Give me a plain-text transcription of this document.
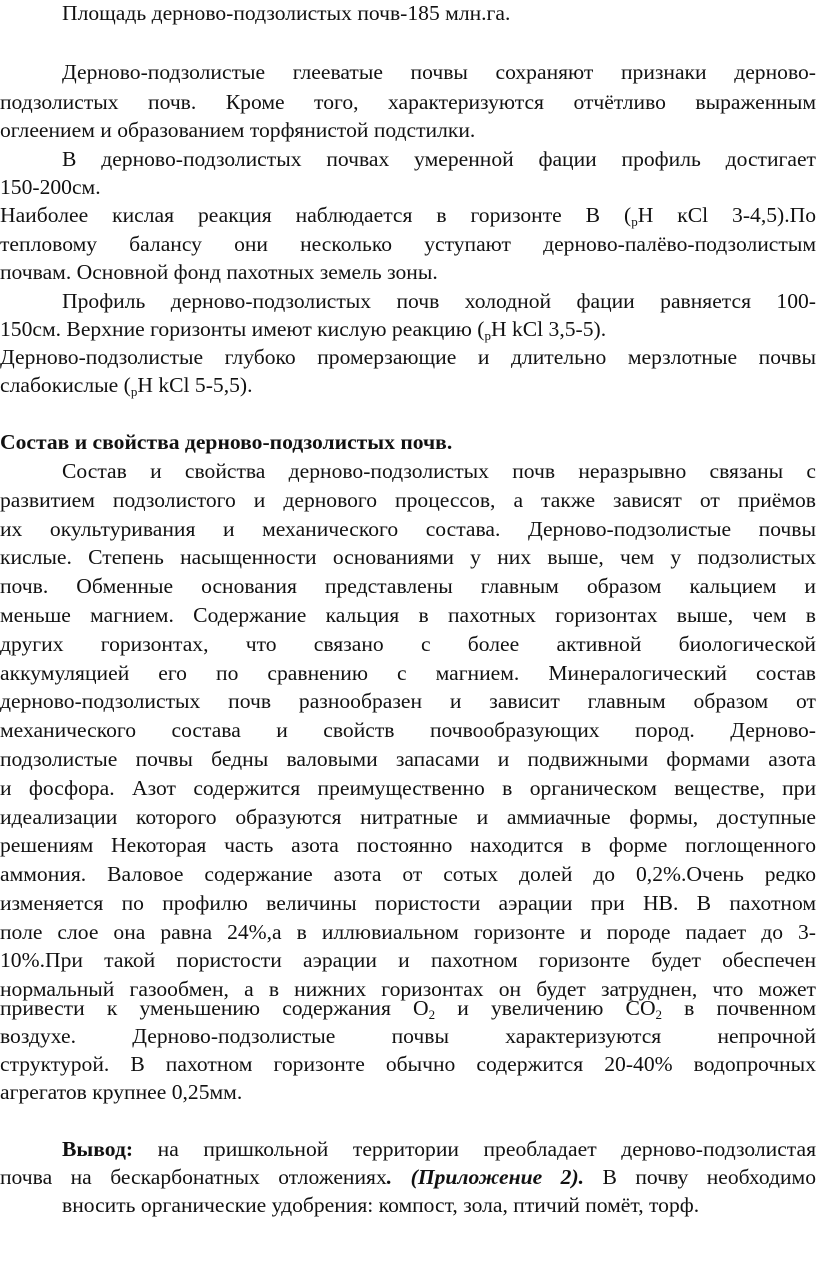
Площадь дерново-подзолистых почв-185 млн.га.
Дерново-подзолистые глееватые почвы сохраняют признаки дерново-
подзолистых почв. Кроме того, характеризуются отчётливо выраженным
оглеением и образованием торфянистой подстилки.
В дерново-подзолистых почвах умеренной фации профиль достигает
150-200см.
Наиболее кислая реакция наблюдается в горизонте В ($_рН$ кCl 3-4,5).По
тепловому балансу они несколько уступают дерново-палёво-подзолистым
почвам. Основной фонд пахотных земель зоны.
Профиль дерново-подзолистых почв холодной фации равняется 100-
150см. Верхние горизонты имеют кислую реакцию ($_рН$ kCl 3,5-5).
Дерново-подзолистые глубоко промерзающие и длительно мерзлотные почвы
слабокислые ($_рН$ kCl 5-5,5).
Состав и свойства дерново-подзолистых почв.
Состав и свойства дерново-подзолистых почв неразрывно связаны с
развитием подзолистого и дернового процессов, а также зависят от приёмов
их окультуривания и механического состава. Дерново-подзолистые почвы
кислые. Степень насыщенности основаниями у них выше, чем у подзолистых
почв. Обменные основания представлены главным образом кальцием и
меньше магнием. Содержание кальция в пахотных горизонтах выше, чем в
других горизонтах, что связано с более активной биологической
аккумуляцией его по сравнению с магнием. Минералогический состав
дерново-подзолистых почв разнообразен и зависит главным образом от
механического состава и свойств почвообразующих пород. Дерново-
подзолистые почвы бедны валовыми запасами и подвижными формами азота
и фосфора. Азот содержится преимущественно в органическом веществе, при
идеализации которого образуются нитратные и аммиачные формы, доступные
решениям Некоторая часть азота постоянно находится в форме поглощенного
аммония. Валовое содержание азота от сотых долей до 0,2%.Очень редко
изменяется по профилю величины пористости аэрации при НВ. В пахотном
поле слое она равна 24%,а в иллювиальном горизонте и породе падает до 3-
10%.При такой пористости аэрации и пахотном горизонте будет обеспечен
нормальный газообмен, а в нижних горизонтах он будет затруднен, что может
привести к уменьшению содержания $О_2$ и увеличению $СО_2$ в почвенном
воздухе. Дерново-подзолистые почвы характеризуются непрочной
структурой. В пахотном горизонте обычно содержится 20-40% водопрочных
агрегатов крупнее 0,25мм.
Вывод: на пришкольной территории преобладает дерново-подзолистая
почва на бескарбонатных отложениях. (Приложение 2). В почву необходимо
вносить органические удобрения: компост, зола, птичий помёт, торф.
